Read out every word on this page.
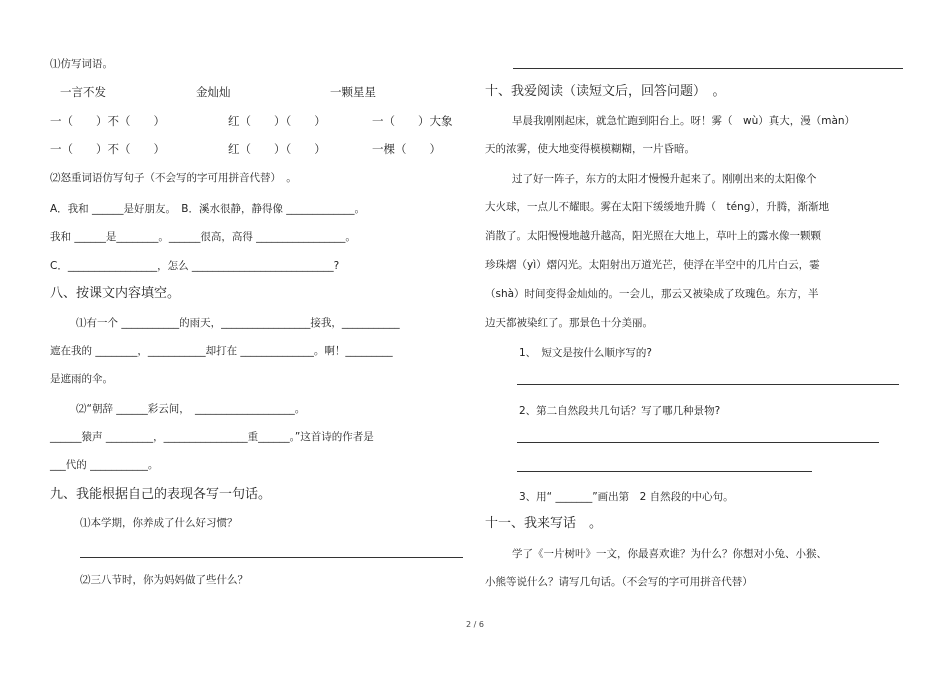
⑴仿写词语。
一言不发	金灿灿	一颗星星
一（　　）不（　　）	红（　　）（　　）	一（　　）大象
一（　　）不（　　）	红（　　）（　　）	一棵（　　）
⑵怒重词语仿写句子（不会写的字可用拼音代替）　。
A．我和 ______是好朋友。　B．溪水很静，静得像 _____________。
我和 ______是________。______很高，高得 _________________。
C．_________________，怎么 ___________________________?
八、按课文内容填空。
⑴有一个 ___________的雨天，_________________接我，___________
遮在我的 ________，___________却打在 ______________。啊！_________
是遮雨的伞。
⑵“朝辞 ______彩云间，　___________________。
______猿声 _________，________________重______。”这首诗的作者是
___代的 ___________。
九、我能根据自己的表现各写一句话。
⑴本学期，你养成了什么好习惯？
⑵三八节时，你为妈妈做了些什么？
十、我爱阅读（读短文后，回答问题）　。
早晨我刚刚起床，就急忙跑到阳台上。呀！雾（　wù）真大，漫（màn）
天的浓雾，使大地变得模模糊糊，一片昏暗。
过了好一阵子，东方的太阳才慢慢升起来了。刚刚出来的太阳像个
大火球，一点儿不耀眼。雾在太阳下缓缓地升腾（　téng），升腾，渐渐地
消散了。太阳慢慢地越升越高，阳光照在大地上，草叶上的露水像一颗颗
珍珠熠（yì）熠闪光。太阳射出万道光芒，使浮在半空中的几片白云，霎
（shà）时间变得金灿灿的。一会儿，那云又被染成了玫瑰色。东方，半
边天都被染红了。那景色十分美丽。
1、　短文是按什么顺序写的?
2、第二自然段共几句话？写了哪几种景物?
3、用“ _______”画出第　2 自然段的中心句。
十一、我来写话　。
学了《一片树叶》一文，你最喜欢谁？为什么？你想对小兔、小猴、
小熊等说什么？请写几句话。（不会写的字可用拼音代替）
2 / 6
